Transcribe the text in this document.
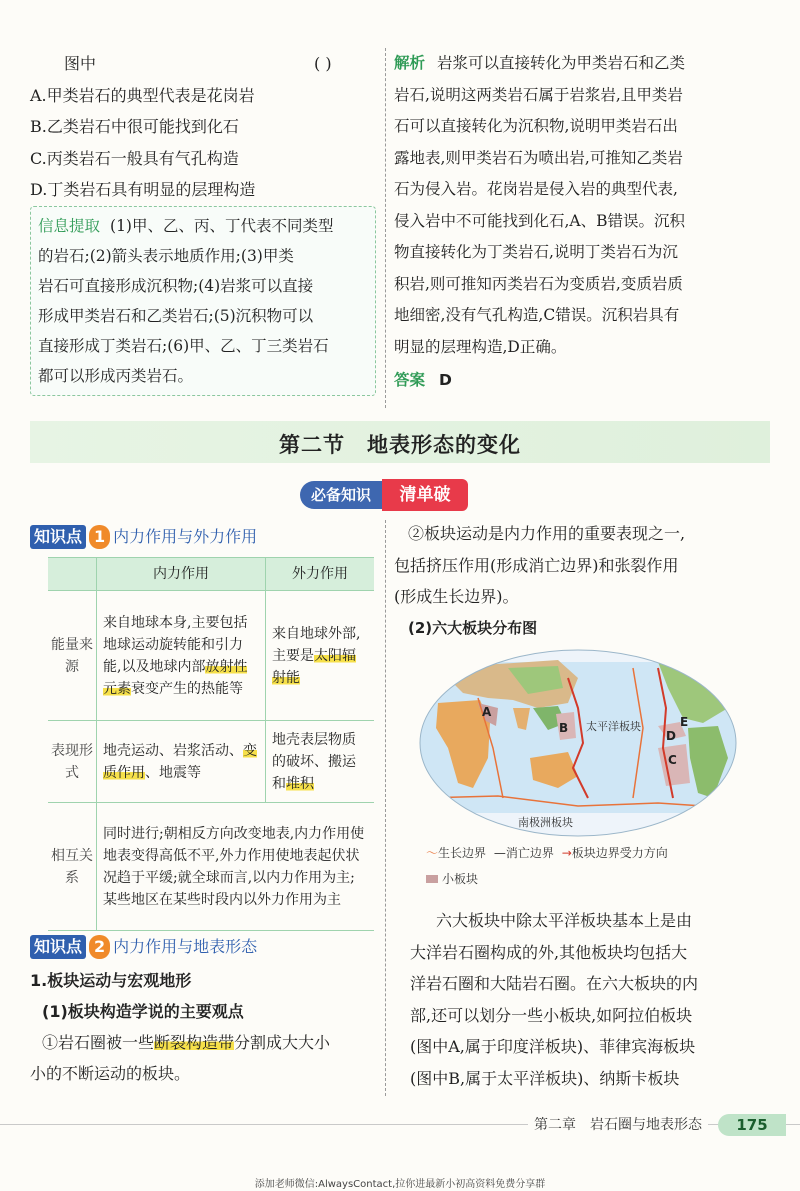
图中	( )
A.甲类岩石的典型代表是花岗岩
B.乙类岩石中很可能找到化石
C.丙类岩石一般具有气孔构造
D.丁类岩石具有明显的层理构造
信息提取 (1)甲、乙、丙、丁代表不同类型
的岩石;(2)箭头表示地质作用;(3)甲类
岩石可直接形成沉积物;(4)岩浆可以直接
形成甲类岩石和乙类岩石;(5)沉积物可以
直接形成丁类岩石;(6)甲、乙、丁三类岩石
都可以形成丙类岩石。
解析 岩浆可以直接转化为甲类岩石和乙类
岩石,说明这两类岩石属于岩浆岩,且甲类岩
石可以直接转化为沉积物,说明甲类岩石出
露地表,则甲类岩石为喷出岩,可推知乙类岩
石为侵入岩。花岗岩是侵入岩的典型代表,
侵入岩中不可能找到化石,A、B错误。沉积
物直接转化为丁类岩石,说明丁类岩石为沉
积岩,则可推知丙类岩石为变质岩,变质岩质
地细密,没有气孔构造,C错误。沉积岩具有
明显的层理构造,D正确。
答案 D
第二节　地表形态的变化
必备知识	清单破
知识点 1 内力作用与外力作用
	内力作用	外力作用
能量来源	来自地球本身,主要包括地球运动旋转能和引力能,以及地球内部放射性元素衰变产生的热能等	来自地球外部,主要是太阳辐射能
表现形式	地壳运动、岩浆活动、变质作用、地震等	地壳表层物质的破坏、搬运和堆积
相互关系	同时进行;朝相反方向改变地表,内力作用使地表变得高低不平,外力作用使地表起伏状况趋于平缓;就全球而言,以内力作用为主;某些地区在某些时段内以外力作用为主	
知识点 2 内力作用与地表形态
1.板块运动与宏观地形
(1)板块构造学说的主要观点
①岩石圈被一些断裂构造带分割成大大小
小的不断运动的板块。
②板块运动是内力作用的重要表现之一,
包括挤压作用(形成消亡边界)和张裂作用
(形成生长边界)。
(2)六大板块分布图
A
B
C
D
E
太平洋板块
南极洲板块
〜生长边界 —消亡边界 →板块边界受力方向
小板块
六大板块中除太平洋板块基本上是由
大洋岩石圈构成的外,其他板块均包括大
洋岩石圈和大陆岩石圈。在六大板块的内
部,还可以划分一些小板块,如阿拉伯板块
(图中A,属于印度洋板块)、菲律宾海板块
(图中B,属于太平洋板块)、纳斯卡板块
第二章　岩石圈与地表形态	175
添加老师微信:AlwaysContact,拉你进最新小初高资料免费分享群
